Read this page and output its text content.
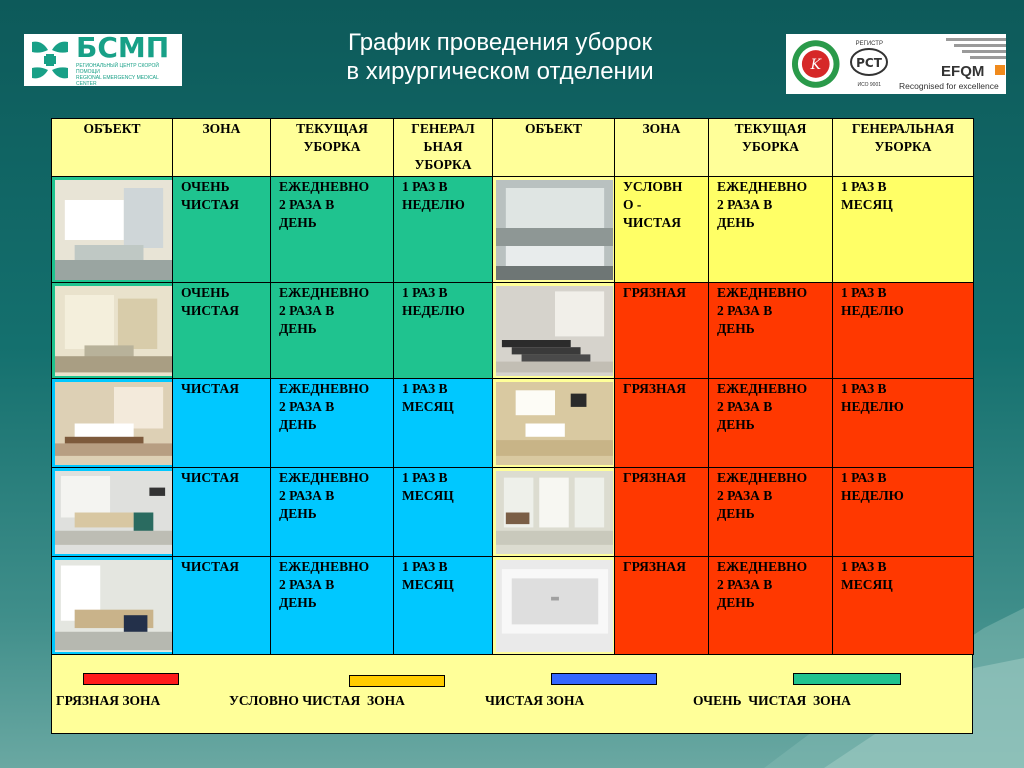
График проведения уборок
в хирургическом отделении
БСМП
РЕГИОНАЛЬНЫЙ ЦЕНТР СКОРОЙ ПОМОЩИ
REGIONAL EMERGENCY MEDICAL CENTER
K
РЕГИСТР
РСТ
ИСО 9001
EFQM
Recognised for excellence
ОБЪЕКТ	ЗОНА	ТЕКУЩАЯ
УБОРКА	ГЕНЕРАЛ
ЬНАЯ
УБОРКА	ОБЪЕКТ	ЗОНА	ТЕКУЩАЯ
УБОРКА	ГЕНЕРАЛЬНАЯ
УБОРКА

ОЧЕНЬ
ЧИСТАЯ	ЕЖЕДНЕВНО
2 РАЗА В
ДЕНЬ	1 РАЗ В
НЕДЕЛЮ		УСЛОВН
О -
ЧИСТАЯ	ЕЖЕДНЕВНО
2 РАЗА В
ДЕНЬ	1 РАЗ В
МЕСЯЦ

ОЧЕНЬ
ЧИСТАЯ	ЕЖЕДНЕВНО
2 РАЗА В
ДЕНЬ	1 РАЗ В
НЕДЕЛЮ		ГРЯЗНАЯ	ЕЖЕДНЕВНО
2 РАЗА В
ДЕНЬ	1 РАЗ В
НЕДЕЛЮ

ЧИСТАЯ	ЕЖЕДНЕВНО
2 РАЗА В
ДЕНЬ	1 РАЗ В
МЕСЯЦ		ГРЯЗНАЯ	ЕЖЕДНЕВНО
2 РАЗА В
ДЕНЬ	1 РАЗ В
НЕДЕЛЮ

ЧИСТАЯ	ЕЖЕДНЕВНО
2 РАЗА В
ДЕНЬ	1 РАЗ В
МЕСЯЦ		ГРЯЗНАЯ	ЕЖЕДНЕВНО
2 РАЗА В
ДЕНЬ	1 РАЗ В
НЕДЕЛЮ

ЧИСТАЯ	ЕЖЕДНЕВНО
2 РАЗА В
ДЕНЬ	1 РАЗ В
МЕСЯЦ		ГРЯЗНАЯ	ЕЖЕДНЕВНО
2 РАЗА В
ДЕНЬ	1 РАЗ В
МЕСЯЦ
ГРЯЗНАЯ ЗОНА	УСЛОВНО ЧИСТАЯ  ЗОНА	ЧИСТАЯ ЗОНА	ОЧЕНЬ  ЧИСТАЯ  ЗОНА
